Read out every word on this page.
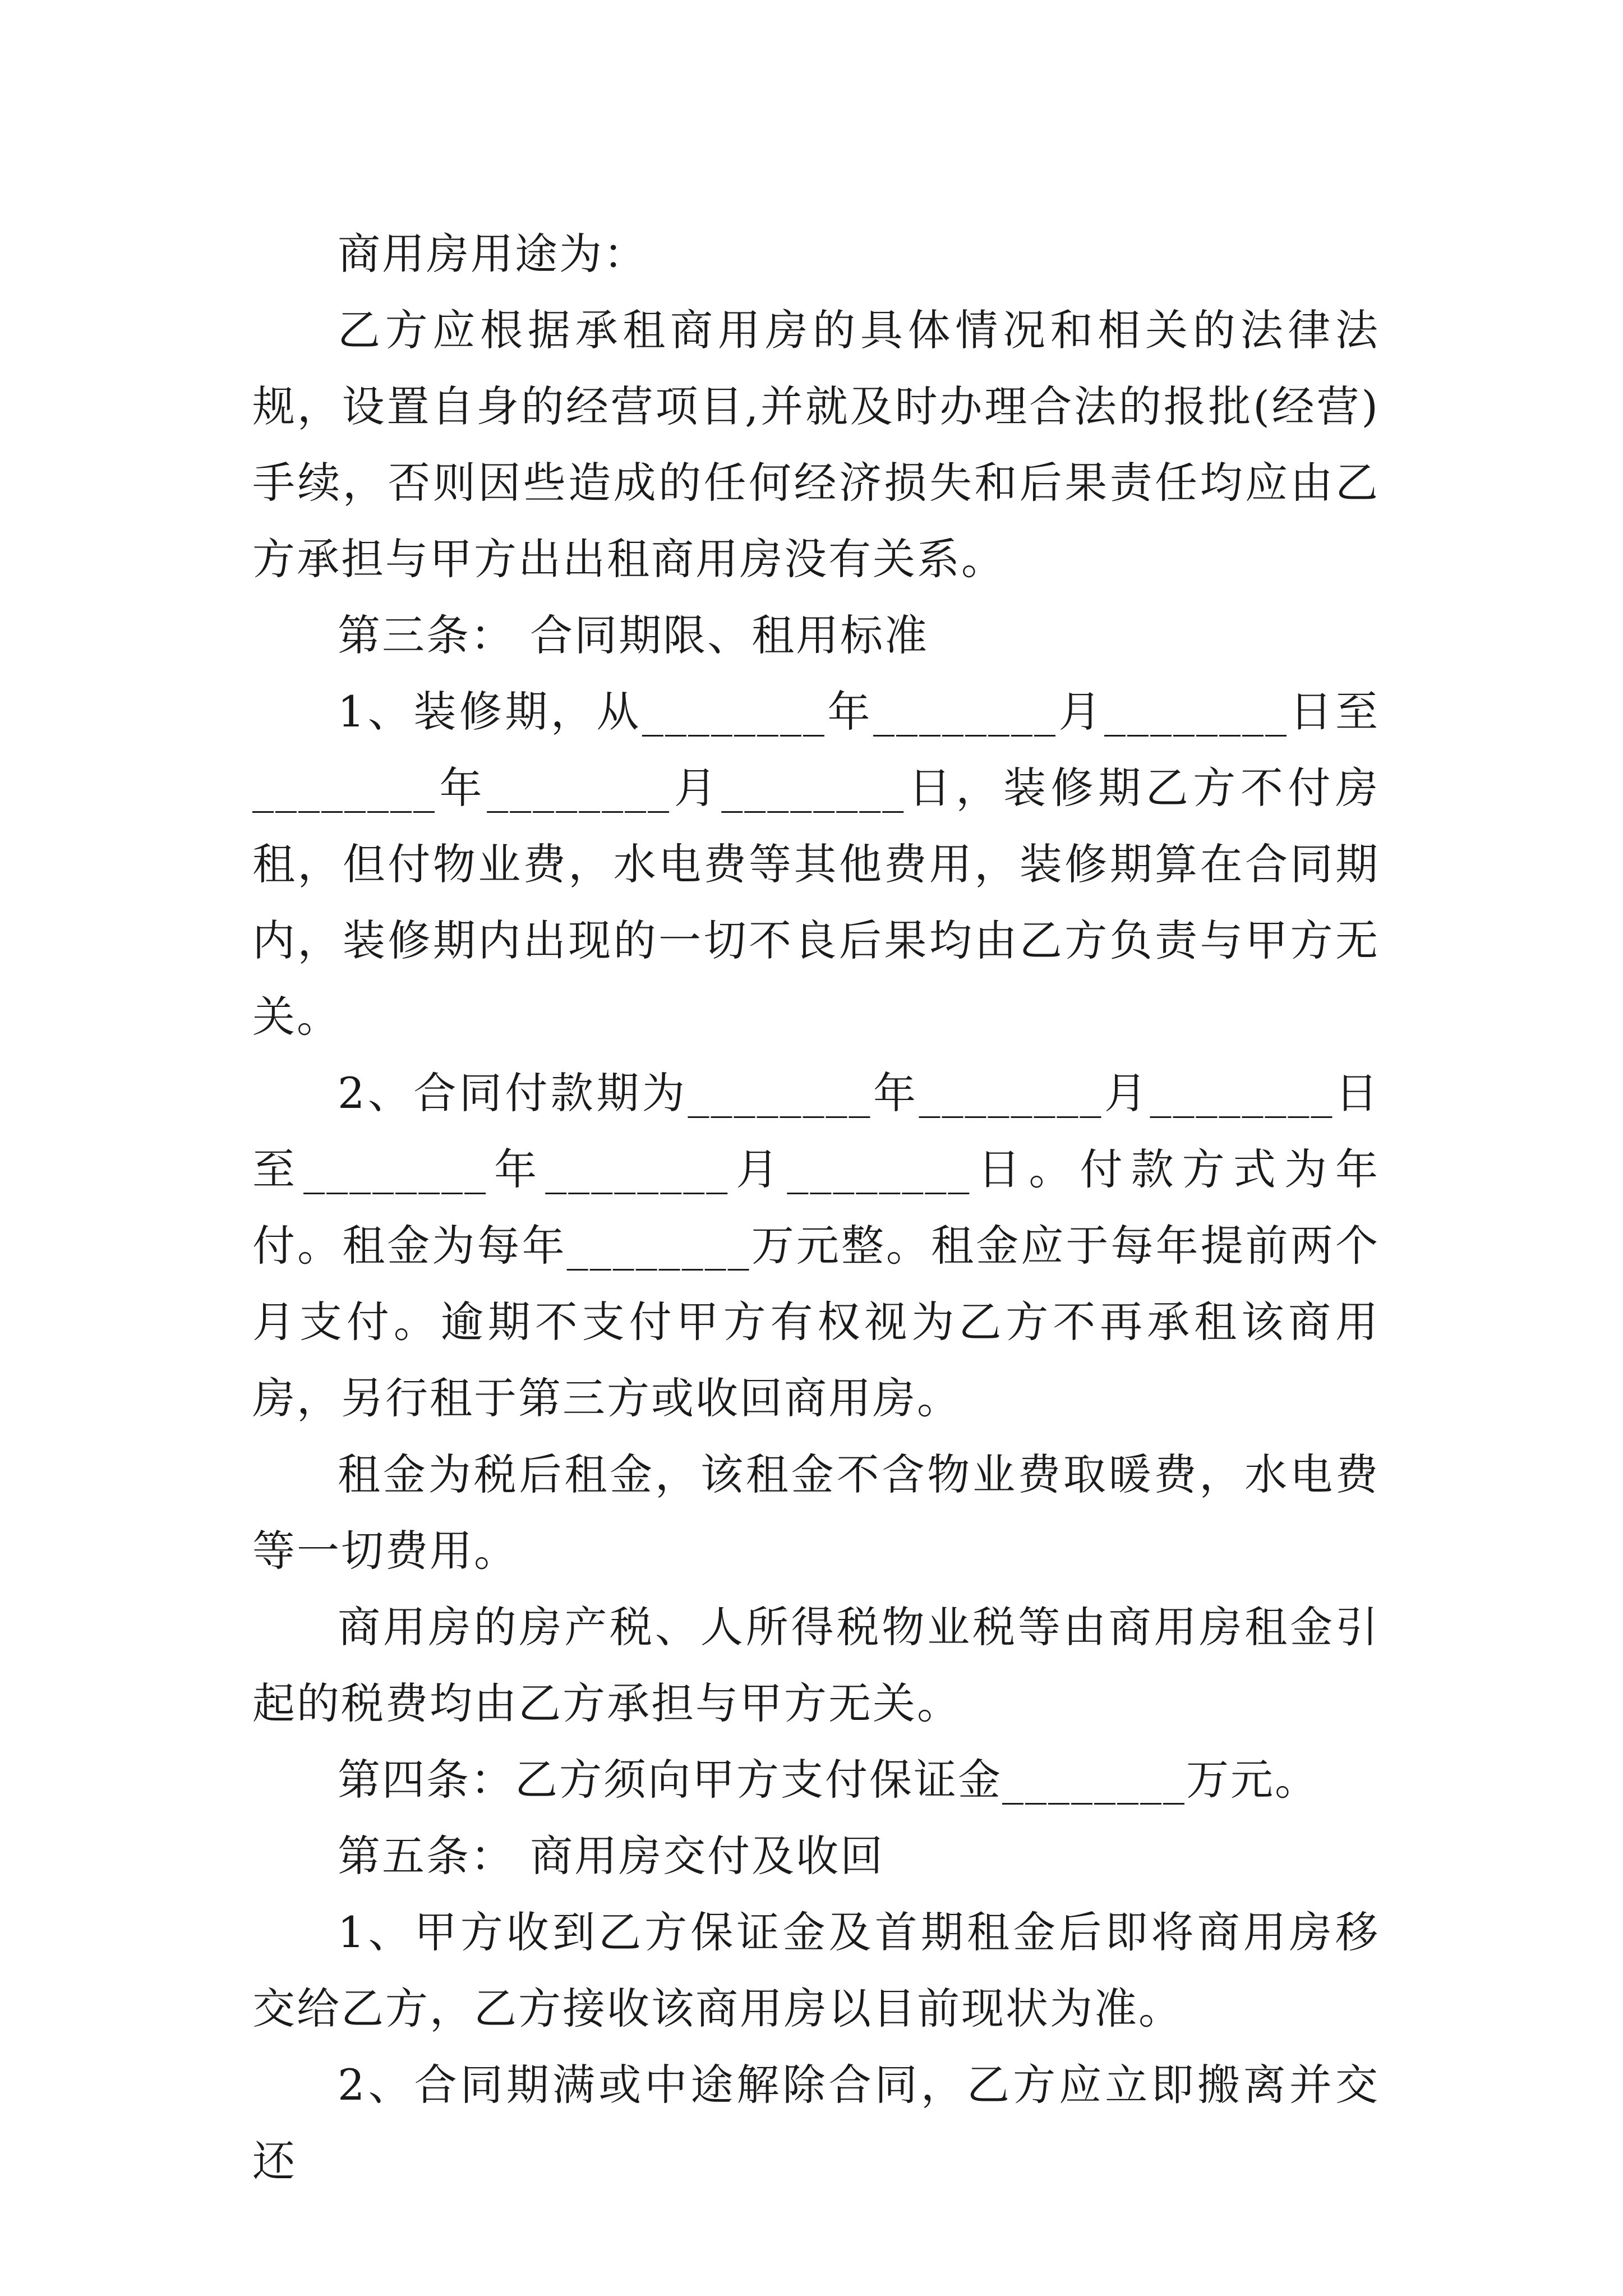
商用房用途为：

乙方应根据承租商用房的具体情况和相关的法律法规，设置自身的经营项目,并就及时办理合法的报批(经营)手续，否则因些造成的任何经济损失和后果责任均应由乙方承担与甲方出出租商用房没有关系。

第三条： 合同期限、租用标准

1、装修期，从________年________月________日至________年________月________日，装修期乙方不付房租，但付物业费，水电费等其他费用，装修期算在合同期内，装修期内出现的一切不良后果均由乙方负责与甲方无关。

2、合同付款期为________年________月________日至________年________月________日。付款方式为年付。租金为每年________万元整。租金应于每年提前两个月支付。逾期不支付甲方有权视为乙方不再承租该商用房，另行租于第三方或收回商用房。

租金为税后租金，该租金不含物业费取暖费，水电费等一切费用。

商用房的房产税、人所得税物业税等由商用房租金引起的税费均由乙方承担与甲方无关。

第四条：乙方须向甲方支付保证金________万元。

第五条： 商用房交付及收回

1、甲方收到乙方保证金及首期租金后即将商用房移交给乙方，乙方接收该商用房以目前现状为准。

2、合同期满或中途解除合同，乙方应立即搬离并交还
